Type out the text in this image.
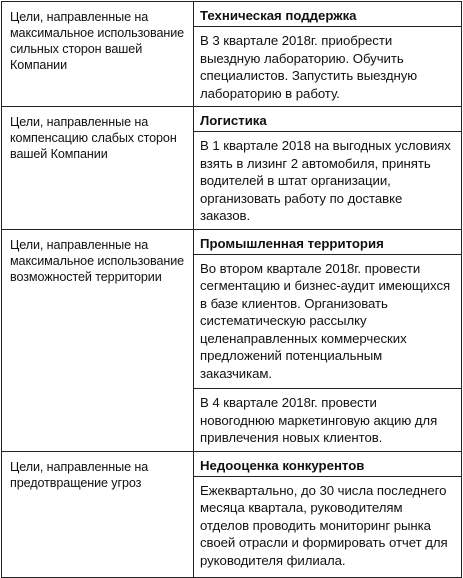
Цели, направленные на максимальное использование сильных сторон вашей Компании	Техническая поддержка
В 3 квартале 2018г. приобрести выездную лабораторию. Обучить специалистов. Запустить выездную лабораторию в работу.

Цели, направленные на компенсацию слабых сторон вашей Компании	Логистика
В 1 квартале 2018 на выгодных условиях взять в лизинг 2 автомобиля, принять водителей в штат организации, организовать работу по доставке заказов.

Цели, направленные на максимальное использование возможностей территории	Промышленная территория
Во втором квартале 2018г. провести сегментацию и бизнес-аудит имеющихся в базе клиентов. Организовать систематическую рассылку целенаправленных коммерческих предложений потенциальным заказчикам.
В 4 квартале 2018г. провести новогоднюю маркетинговую акцию для привлечения новых клиентов.

Цели, направленные на предотвращение угроз	Недооценка конкурентов
Ежеквартально, до 30 числа последнего месяца квартала, руководителям отделов проводить мониторинг рынка своей отрасли и формировать отчет для руководителя филиала.
